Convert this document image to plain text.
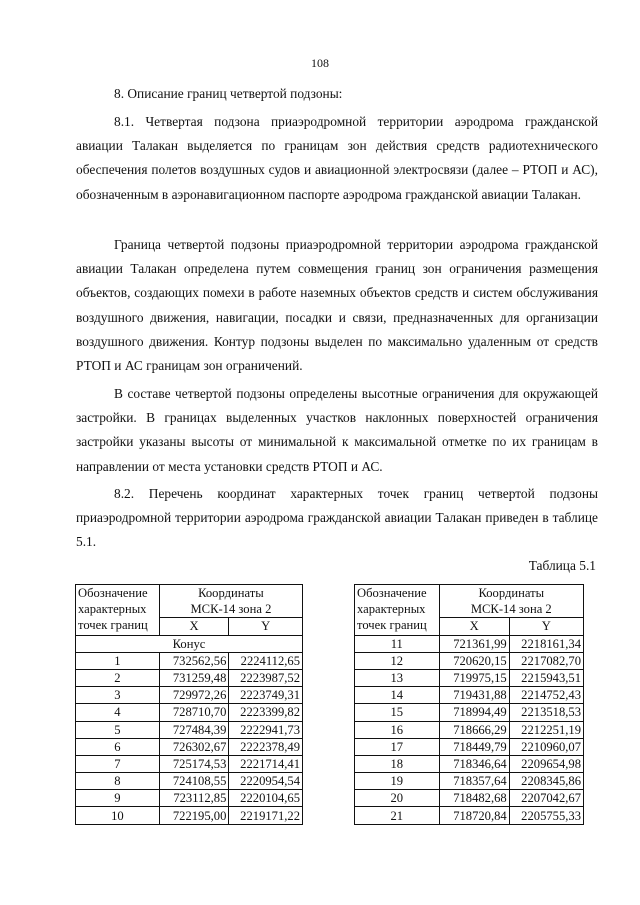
108
8. Описание границ четвертой подзоны:

8.1. Четвертая подзона приаэродромной территории аэродрома гражданской авиации Талакан выделяется по границам зон действия средств радиотехнического обеспечения полетов воздушных судов и авиационной электросвязи (далее – РТОП и АС), обозначенным в аэронавигационном паспорте аэродрома гражданской авиации Талакан.

Граница четвертой подзоны приаэродромной территории аэродрома гражданской авиации Талакан определена путем совмещения границ зон ограничения размещения объектов, создающих помехи в работе наземных объектов средств и систем обслуживания воздушного движения, навигации, посадки и связи, предназначенных для организации воздушного движения. Контур подзоны выделен по максимально удаленным от средств РТОП и АС границам зон ограничений.

В составе четвертой подзоны определены высотные ограничения для окружающей застройки. В границах выделенных участков наклонных поверхностей ограничения застройки указаны высоты от минимальной к максимальной отметке по их границам в направлении от места установки средств РТОП и АС.

8.2. Перечень координат характерных точек границ четвертой подзоны приаэродромной территории аэродрома гражданской авиации Талакан приведен в таблице 5.1.

Таблица 5.1
Обозначение
характерных
точек границ	Координаты	
	МСК-14 зона 2	
	X	Y
Конус		
1	732562,56	2224112,65
2	731259,48	2223987,52
3	729972,26	2223749,31
4	728710,70	2223399,82
5	727484,39	2222941,73
6	726302,67	2222378,49
7	725174,53	2221714,41
8	724108,55	2220954,54
9	723112,85	2220104,65
10	722195,00	2219171,22
Обозначение
характерных
точек границ	Координаты	
	МСК-14 зона 2	
	X	Y
11	721361,99	2218161,34
12	720620,15	2217082,70
13	719975,15	2215943,51
14	719431,88	2214752,43
15	718994,49	2213518,53
16	718666,29	2212251,19
17	718449,79	2210960,07
18	718346,64	2209654,98
19	718357,64	2208345,86
20	718482,68	2207042,67
21	718720,84	2205755,33
